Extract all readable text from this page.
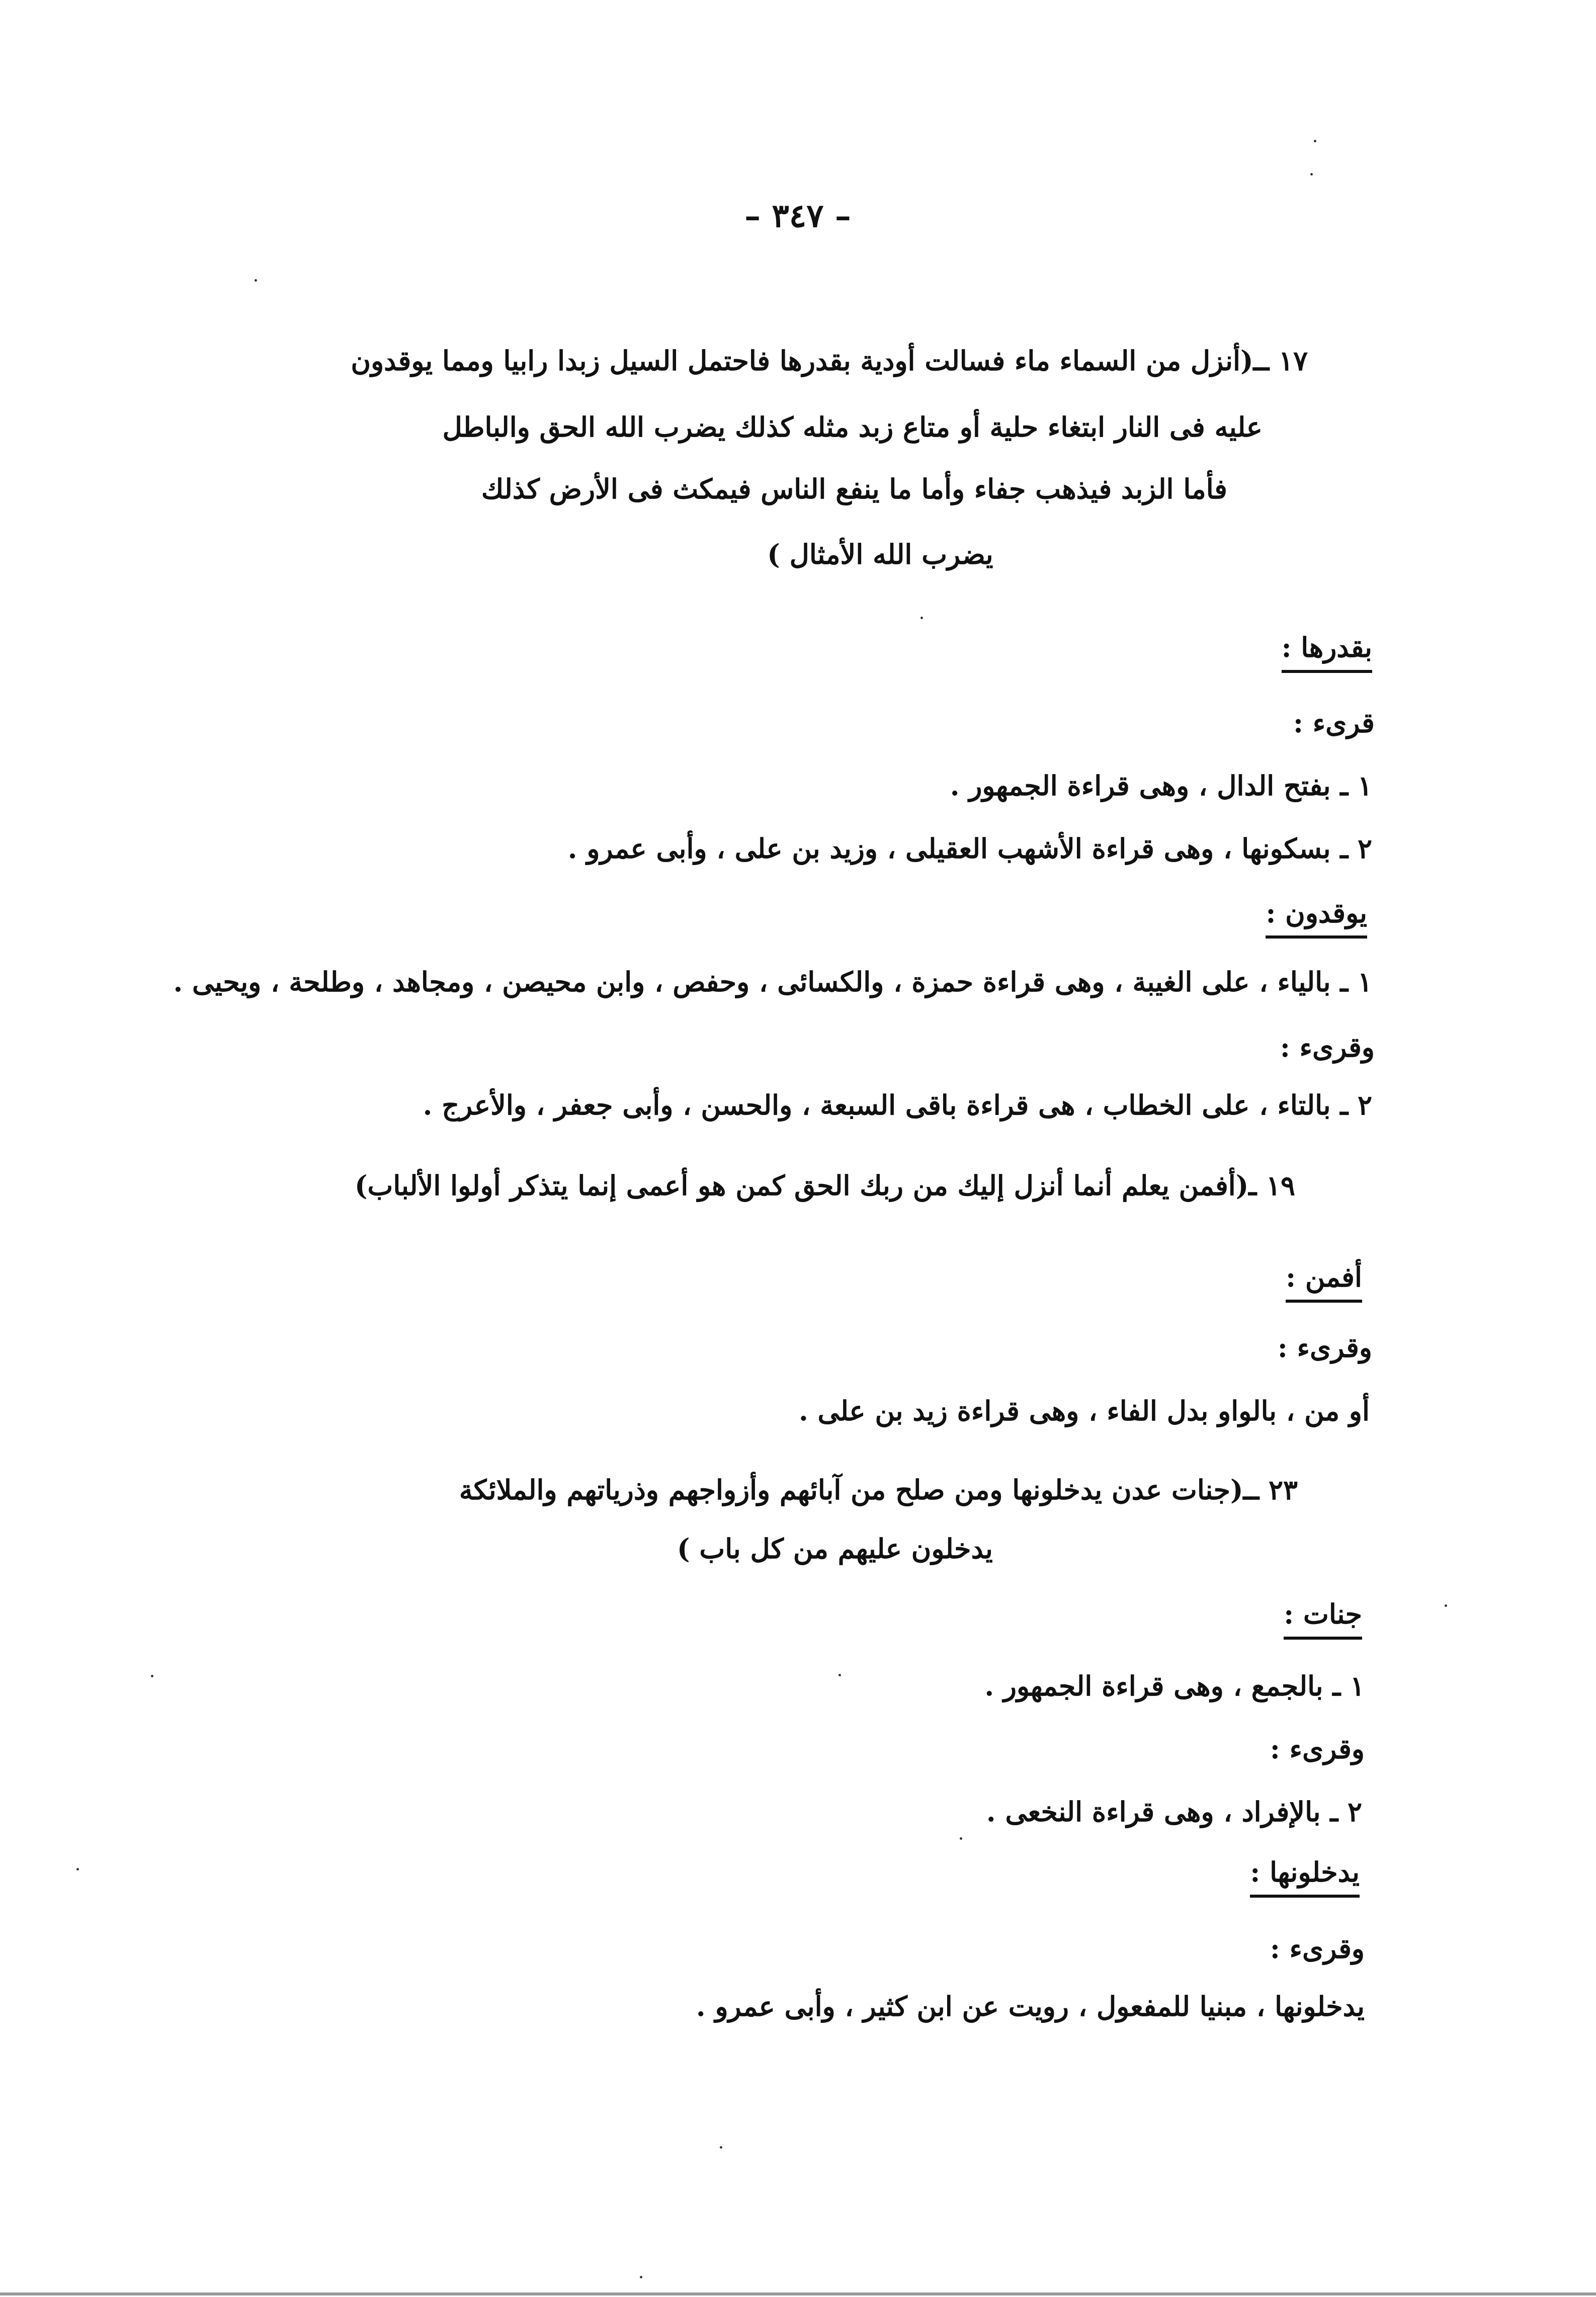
– ٣٤٧ –
١٧ ــ(أنزل من السماء ماء فسالت أودية بقدرها فاحتمل السيل زبدا رابيا ومما يوقدون
عليه فى النار ابتغاء حلية أو متاع زبد مثله كذلك يضرب الله الحق والباطل
فأما الزبد فيذهب جفاء وأما ما ينفع الناس فيمكث فى الأرض كذلك
يضرب الله الأمثال )
بقدرها :
قرىء :
١ ـ بفتح الدال ، وهى قراءة الجمهور .
٢ ـ بسكونها ، وهى قراءة الأشهب العقيلى ، وزيد بن على ، وأبى عمرو .
يوقدون :
١ ـ بالياء ، على الغيبة ، وهى قراءة حمزة ، والكسائى ، وحفص ، وابن محيصن ، ومجاهد ، وطلحة ، ويحيى .
وقرىء :
٢ ـ بالتاء ، على الخطاب ، هى قراءة باقى السبعة ، والحسن ، وأبى جعفر ، والأعرج .
١٩ ـ(أفمن يعلم أنما أنزل إليك من ربك الحق كمن هو أعمى إنما يتذكر أولوا الألباب)
أفمن :
وقرىء :
أو من ، بالواو بدل الفاء ، وهى قراءة زيد بن على .
٢٣ ــ(جنات عدن يدخلونها ومن صلح من آبائهم وأزواجهم وذرياتهم والملائكة
يدخلون عليهم من كل باب )
جنات :
١ ـ بالجمع ، وهى قراءة الجمهور .
وقرىء :
٢ ـ بالإفراد ، وهى قراءة النخعى .
يدخلونها :
وقرىء :
يدخلونها ، مبنيا للمفعول ، رويت عن ابن كثير ، وأبى عمرو .
